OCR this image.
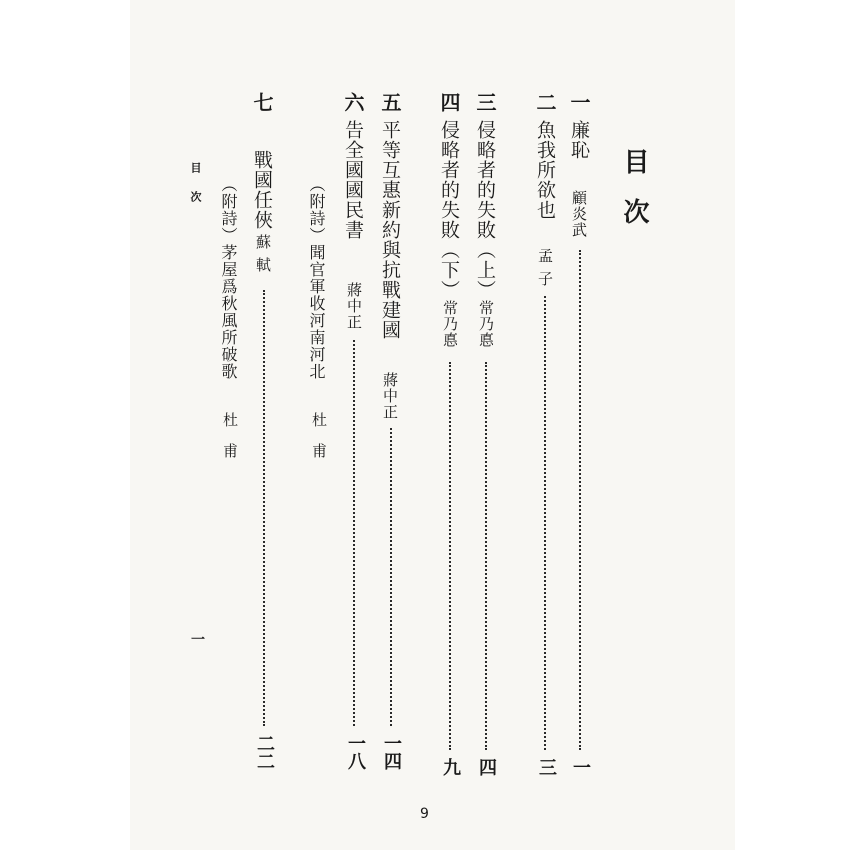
目次
一
廉恥
顧炎武
一
二
魚我所欲也
孟子
三
三
侵略者的失敗（上）
常乃悳
四
四
侵略者的失敗（下）
常乃悳
九
五
平等互惠新約與抗戰建國
蔣中正
一四
六
告全國國民書
蔣中正
一八
（附詩）聞官軍收河南河北
杜甫
七
戰國任俠
蘇軾
二二
（附詩）茅屋爲秋風所破歌
杜甫
目次
一
9
